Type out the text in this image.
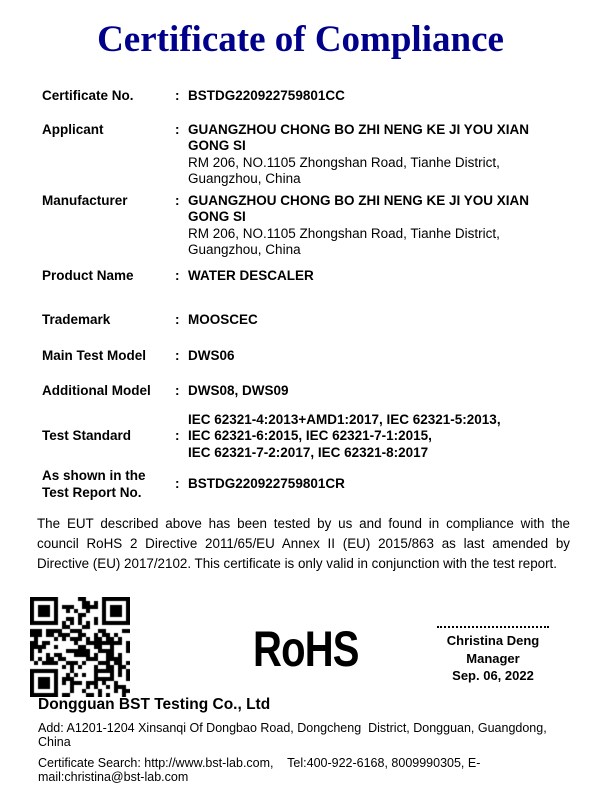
Certificate of Compliance
Certificate No.	: BSTDG220922759801CC
Applicant	: GUANGZHOU CHONG BO ZHI NENG KE JI YOU XIAN
GONG SI
RM 206, NO.1105 Zhongshan Road, Tianhe District,
Guangzhou, China
Manufacturer	: GUANGZHOU CHONG BO ZHI NENG KE JI YOU XIAN
GONG SI
RM 206, NO.1105 Zhongshan Road, Tianhe District,
Guangzhou, China
Product Name	: WATER DESCALER
Trademark	: MOOSCEC
Main Test Model	: DWS06
Additional Model	: DWS08, DWS09
Test Standard	:
IEC 62321-4:2013+AMD1:2017, IEC 62321-5:2013,
IEC 62321-6:2015, IEC 62321-7-1:2015,
IEC 62321-7-2:2017, IEC 62321-8:2017
As shown in the
Test Report No.
: BSTDG220922759801CR
The EUT described above has been tested by us and found in compliance with the
council RoHS 2 Directive 2011/65/EU Annex II (EU) 2015/863 as last amended by
Directive (EU) 2017/2102. This certificate is only valid in conjunction with the test report.
RoHS	Christina Deng
Manager
Sep. 06, 2022
Dongguan BST Testing Co., Ltd
Add: A1201-1204 Xinsanqi Of Dongbao Road, Dongcheng  District, Dongguan, Guangdong, China
Certificate Search: http://www.bst-lab.com,    Tel:400-922-6168, 8009990305, E-mail:christina@bst-lab.com
